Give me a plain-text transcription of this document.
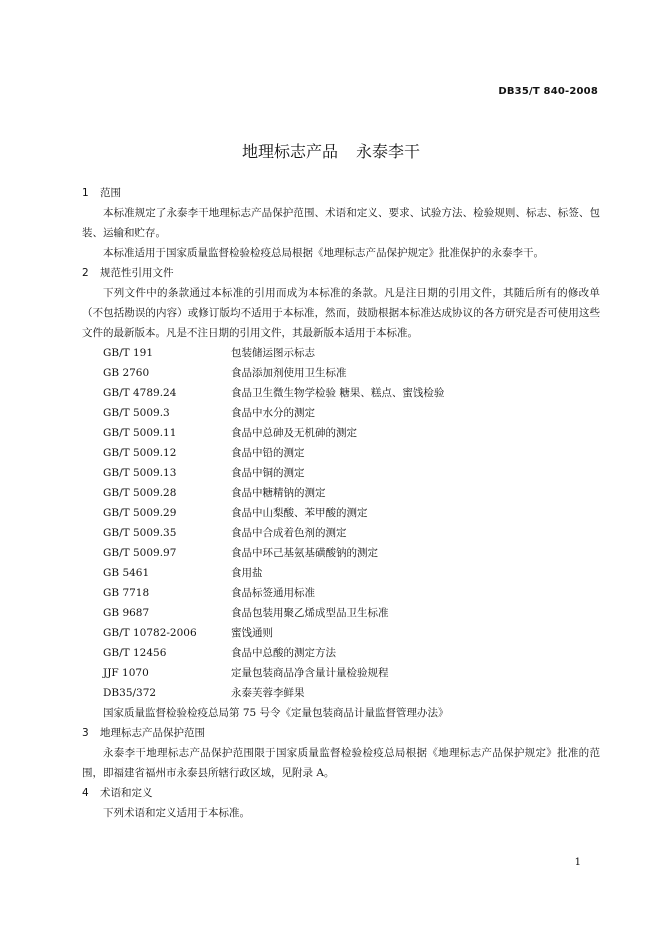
DB35/T 840-2008
地理标志产品 永泰李干
1 范围

本标准规定了永泰李干地理标志产品保护范围、术语和定义、要求、试验方法、检验规则、标志、标签、包装、运输和贮存。

本标准适用于国家质量监督检验检疫总局根据《地理标志产品保护规定》批准保护的永泰李干。

2 规范性引用文件

下列文件中的条款通过本标准的引用而成为本标准的条款。凡是注日期的引用文件，其随后所有的修改单（不包括勘误的内容）或修订版均不适用于本标准，然而，鼓励根据本标准达成协议的各方研究是否可使用这些文件的最新版本。凡是不注日期的引用文件，其最新版本适用于本标准。

GB/T 191	包装储运图示标志
GB 2760	食品添加剂使用卫生标准
GB/T 4789.24	食品卫生微生物学检验 糖果、糕点、蜜饯检验
GB/T 5009.3	食品中水分的测定
GB/T 5009.11	食品中总砷及无机砷的测定
GB/T 5009.12	食品中铅的测定
GB/T 5009.13	食品中铜的测定
GB/T 5009.28	食品中糖精钠的测定
GB/T 5009.29	食品中山梨酸、苯甲酸的测定
GB/T 5009.35	食品中合成着色剂的测定
GB/T 5009.97	食品中环己基氨基磺酸钠的测定
GB 5461	食用盐
GB 7718	食品标签通用标准
GB 9687	食品包装用聚乙烯成型品卫生标准
GB/T 10782-2006	蜜饯通则
GB/T 12456	食品中总酸的测定方法
JJF 1070	定量包装商品净含量计量检验规程
DB35/372	永泰芙蓉李鲜果
国家质量监督检验检疫总局第 75 号令《定量包装商品计量监督管理办法》
3 地理标志产品保护范围

永泰李干地理标志产品保护范围限于国家质量监督检验检疫总局根据《地理标志产品保护规定》批准的范围，即福建省福州市永泰县所辖行政区域，见附录 A。

4 术语和定义

下列术语和定义适用于本标准。

1
